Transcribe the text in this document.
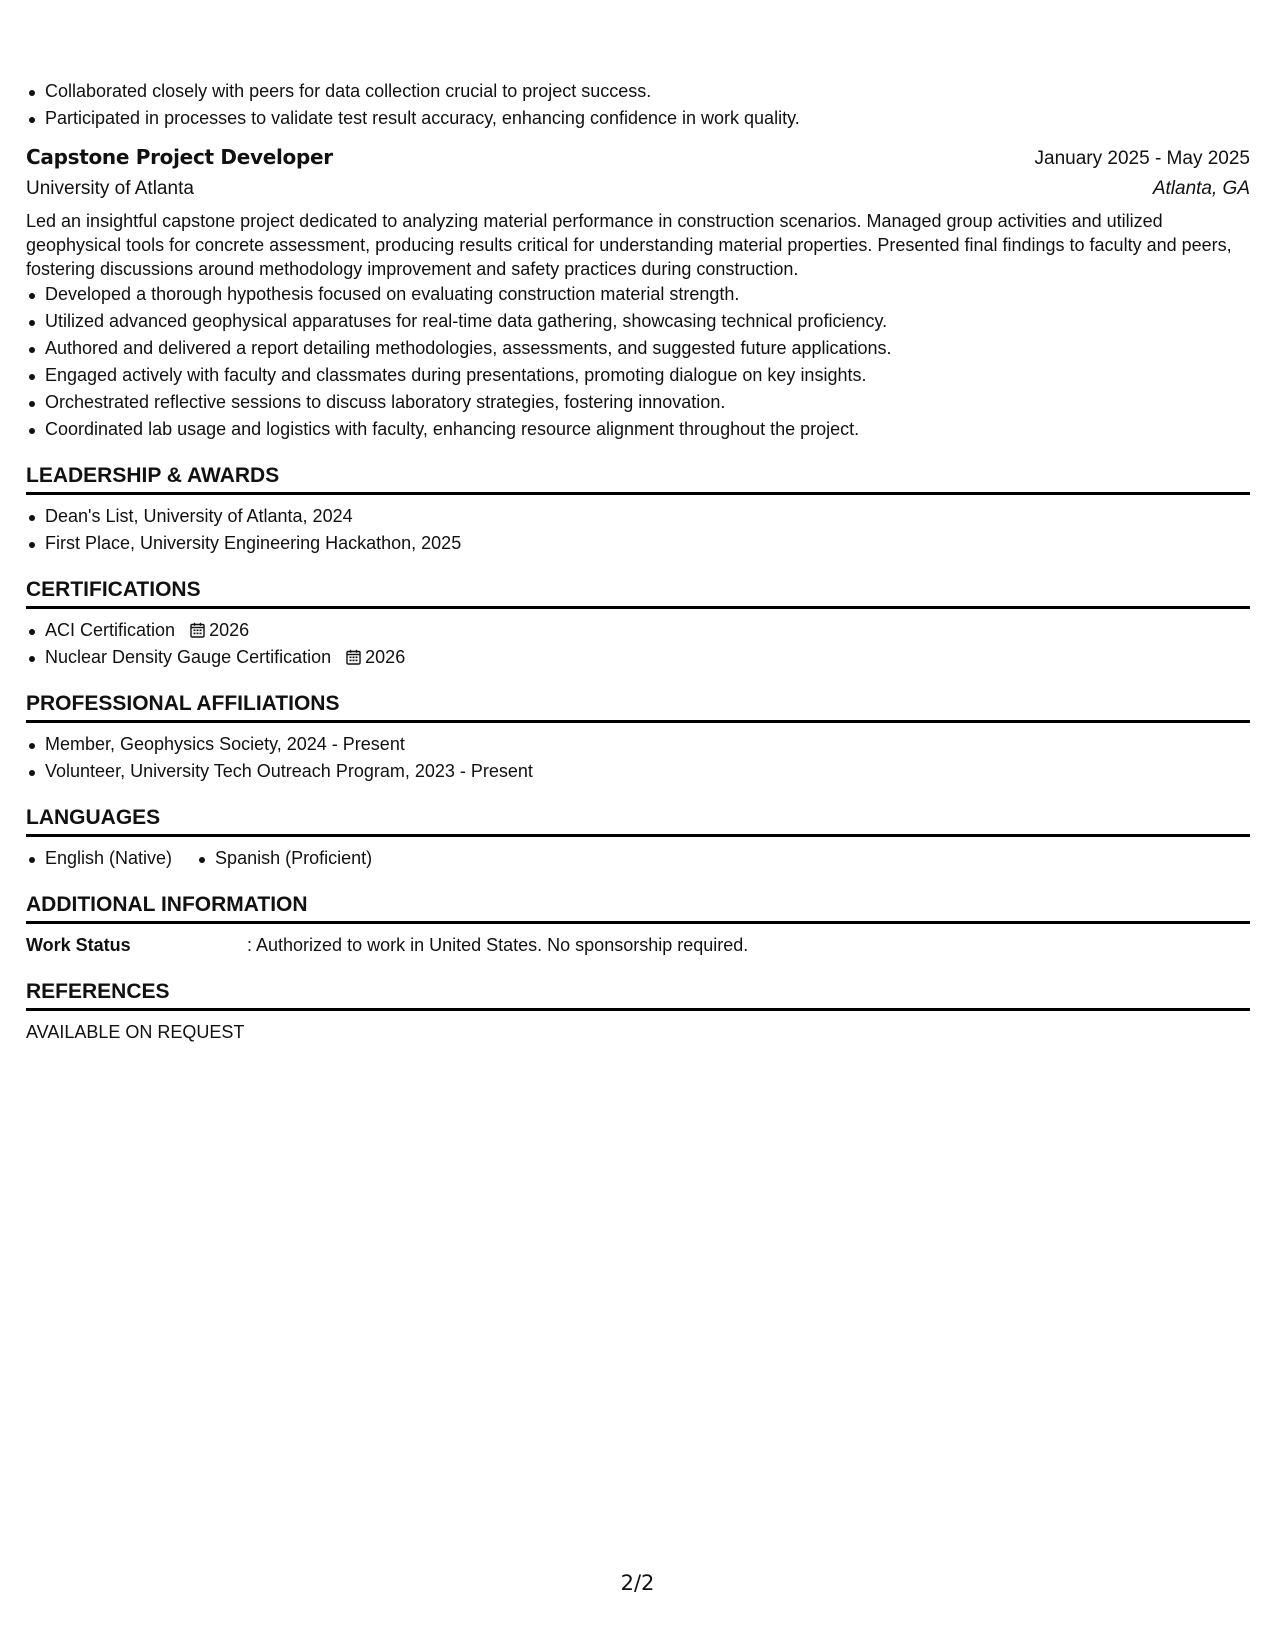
Collaborated closely with peers for data collection crucial to project success.
Participated in processes to validate test result accuracy, enhancing confidence in work quality.
Capstone Project Developer	January 2025 - May 2025
University of Atlanta	Atlanta, GA

Led an insightful capstone project dedicated to analyzing material performance in construction scenarios. Managed group activities and utilized geophysical tools for concrete assessment, producing results critical for understanding material properties. Presented final findings to faculty and peers, fostering discussions around methodology improvement and safety practices during construction.

Developed a thorough hypothesis focused on evaluating construction material strength.
Utilized advanced geophysical apparatuses for real-time data gathering, showcasing technical proficiency.
Authored and delivered a report detailing methodologies, assessments, and suggested future applications.
Engaged actively with faculty and classmates during presentations, promoting dialogue on key insights.
Orchestrated reflective sessions to discuss laboratory strategies, fostering innovation.
Coordinated lab usage and logistics with faculty, enhancing resource alignment throughout the project.
LEADERSHIP & AWARDS
Dean's List, University of Atlanta, 2024
First Place, University Engineering Hackathon, 2025
CERTIFICATIONS
ACI Certification 2026
Nuclear Density Gauge Certification 2026
PROFESSIONAL AFFILIATIONS
Member, Geophysics Society, 2024 - Present
Volunteer, University Tech Outreach Program, 2023 - Present
LANGUAGES
English (Native)	Spanish (Proficient)
ADDITIONAL INFORMATION
Work Status	: Authorized to work in United States. No sponsorship required.
REFERENCES
AVAILABLE ON REQUEST
2/2
